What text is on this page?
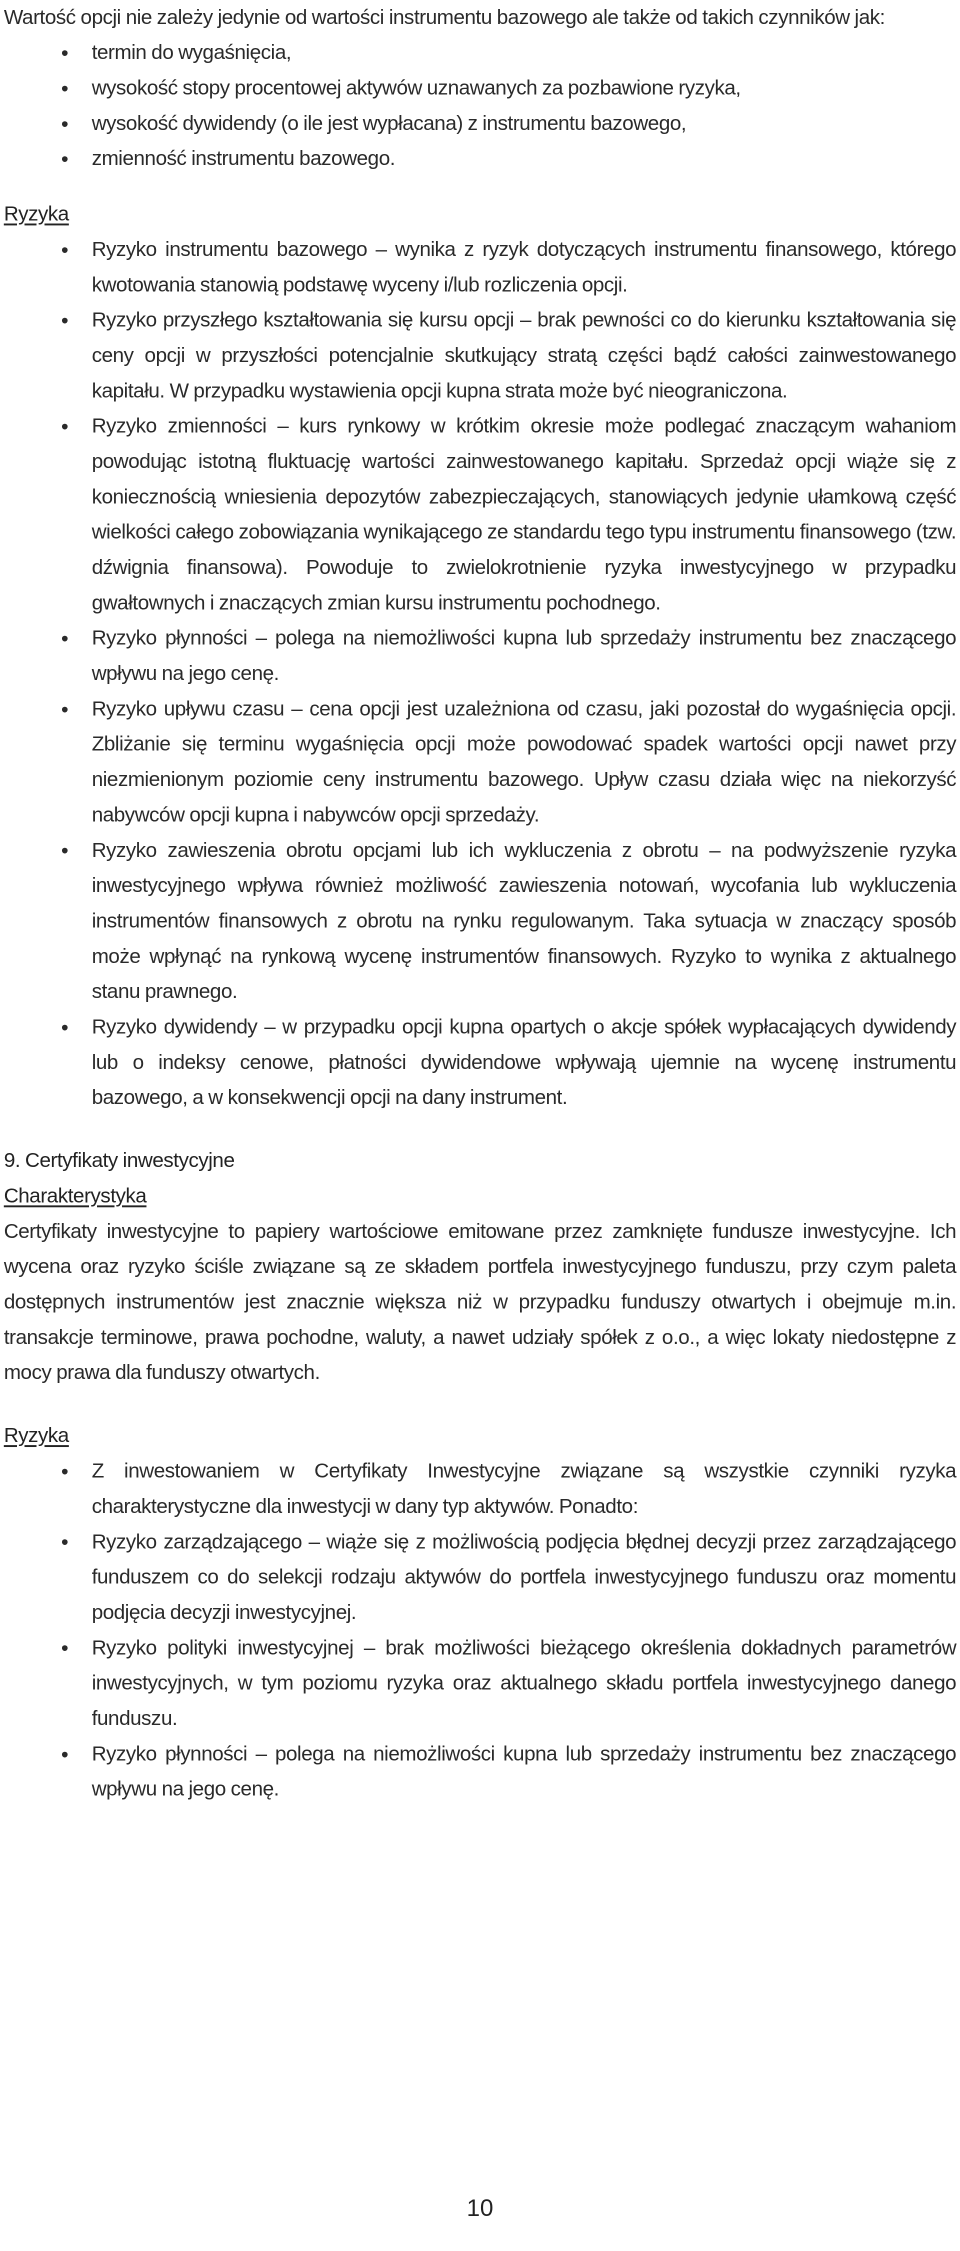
Wartość opcji nie zależy jedynie od wartości instrumentu bazowego ale także od takich czynników jak:

• termin do wygaśnięcia,
• wysokość stopy procentowej aktywów uznawanych za pozbawione ryzyka,
• wysokość dywidendy (o ile jest wypłacana) z instrumentu bazowego,
• zmienność instrumentu bazowego.

Ryzyka

• Ryzyko instrumentu bazowego – wynika z ryzyk dotyczących instrumentu finansowego, którego kwotowania stanowią podstawę wyceny i/lub rozliczenia opcji.
• Ryzyko przyszłego kształtowania się kursu opcji – brak pewności co do kierunku kształtowania się ceny opcji w przyszłości potencjalnie skutkujący stratą części bądź całości zainwestowanego kapitału. W przypadku wystawienia opcji kupna strata może być nieograniczona.
• Ryzyko zmienności – kurs rynkowy w krótkim okresie może podlegać znaczącym wahaniom powodując istotną fluktuację wartości zainwestowanego kapitału. Sprzedaż opcji wiąże się z koniecznością wniesienia depozytów zabezpieczających, stanowiących jedynie ułamkową część wielkości całego zobowiązania wynikającego ze standardu tego typu instrumentu finansowego (tzw. dźwignia finansowa). Powoduje to zwielokrotnienie ryzyka inwestycyjnego w przypadku gwałtownych i znaczących zmian kursu instrumentu pochodnego.
• Ryzyko płynności – polega na niemożliwości kupna lub sprzedaży instrumentu bez znaczącego wpływu na jego cenę.
• Ryzyko upływu czasu – cena opcji jest uzależniona od czasu, jaki pozostał do wygaśnięcia opcji. Zbliżanie się terminu wygaśnięcia opcji może powodować spadek wartości opcji nawet przy niezmienionym poziomie ceny instrumentu bazowego. Upływ czasu działa więc na niekorzyść nabywców opcji kupna i nabywców opcji sprzedaży.
• Ryzyko zawieszenia obrotu opcjami lub ich wykluczenia z obrotu – na podwyższenie ryzyka inwestycyjnego wpływa również możliwość zawieszenia notowań, wycofania lub wykluczenia instrumentów finansowych z obrotu na rynku regulowanym. Taka sytuacja w znaczący sposób może wpłynąć na rynkową wycenę instrumentów finansowych. Ryzyko to wynika z aktualnego stanu prawnego.
• Ryzyko dywidendy – w przypadku opcji kupna opartych o akcje spółek wypłacających dywidendy lub o indeksy cenowe, płatności dywidendowe wpływają ujemnie na wycenę instrumentu bazowego, a w konsekwencji opcji na dany instrument.

9. Certyfikaty inwestycyjne

Charakterystyka

Certyfikaty inwestycyjne to papiery wartościowe emitowane przez zamknięte fundusze inwestycyjne. Ich wycena oraz ryzyko ściśle związane są ze składem portfela inwestycyjnego funduszu, przy czym paleta dostępnych instrumentów jest znacznie większa niż w przypadku funduszy otwartych i obejmuje m.in. transakcje terminowe, prawa pochodne, waluty, a nawet udziały spółek z o.o., a więc lokaty niedostępne z mocy prawa dla funduszy otwartych.

Ryzyka

• Z inwestowaniem w Certyfikaty Inwestycyjne związane są wszystkie czynniki ryzyka charakterystyczne dla inwestycji w dany typ aktywów. Ponadto:
• Ryzyko zarządzającego – wiąże się z możliwością podjęcia błędnej decyzji przez zarządzającego funduszem co do selekcji rodzaju aktywów do portfela inwestycyjnego funduszu oraz momentu podjęcia decyzji inwestycyjnej.
• Ryzyko polityki inwestycyjnej – brak możliwości bieżącego określenia dokładnych parametrów inwestycyjnych, w tym poziomu ryzyka oraz aktualnego składu portfela inwestycyjnego danego funduszu.
• Ryzyko płynności – polega na niemożliwości kupna lub sprzedaży instrumentu bez znaczącego wpływu na jego cenę.
10
